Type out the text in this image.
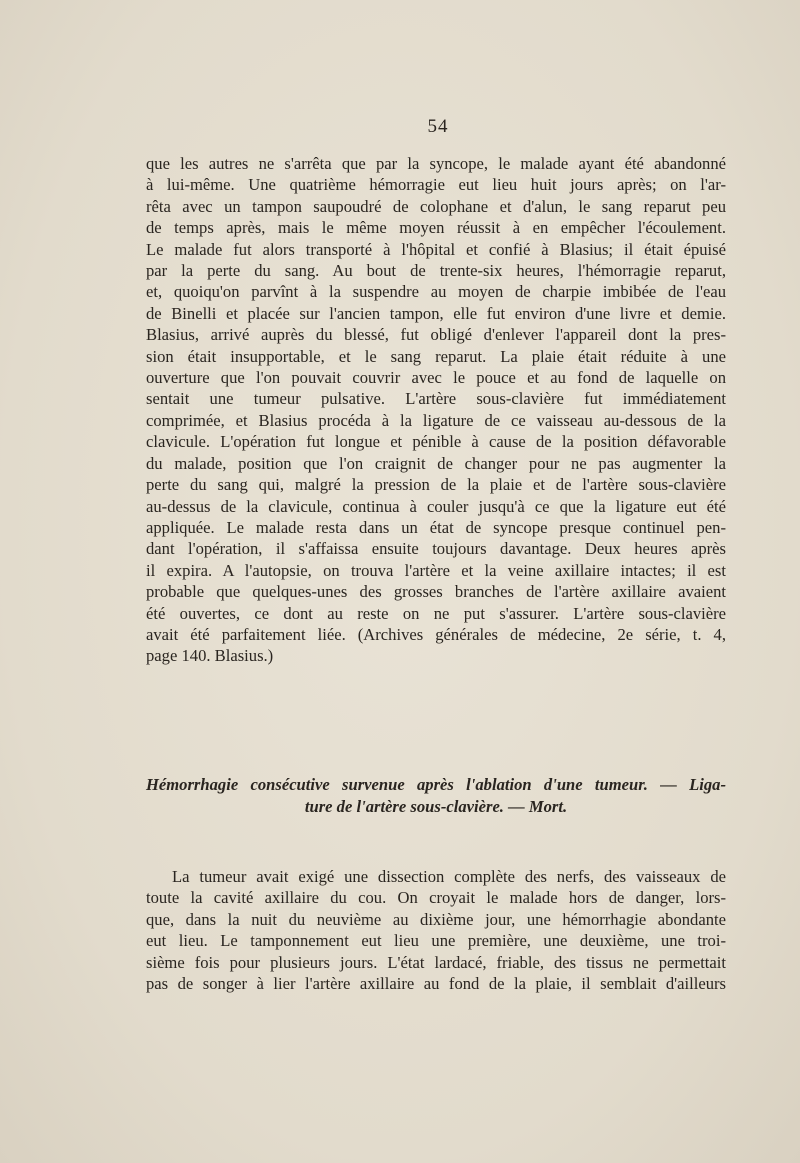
54
que les autres ne s'arrêta que par la syncope, le malade ayant été abandonné
à lui-même. Une quatrième hémorragie eut lieu huit jours après; on l'ar-
rêta avec un tampon saupoudré de colophane et d'alun, le sang reparut peu
de temps après, mais le même moyen réussit à en empêcher l'écoulement.
Le malade fut alors transporté à l'hôpital et confié à Blasius; il était épuisé
par la perte du sang. Au bout de trente-six heures, l'hémorragie reparut,
et, quoiqu'on parvînt à la suspendre au moyen de charpie imbibée de l'eau
de Binelli et placée sur l'ancien tampon, elle fut environ d'une livre et demie.
Blasius, arrivé auprès du blessé, fut obligé d'enlever l'appareil dont la pres-
sion était insupportable, et le sang reparut. La plaie était réduite à une
ouverture que l'on pouvait couvrir avec le pouce et au fond de laquelle on
sentait une tumeur pulsative. L'artère sous-clavière fut immédiatement
comprimée, et Blasius procéda à la ligature de ce vaisseau au-dessous de la
clavicule. L'opération fut longue et pénible à cause de la position défavorable
du malade, position que l'on craignit de changer pour ne pas augmenter la
perte du sang qui, malgré la pression de la plaie et de l'artère sous-clavière
au-dessus de la clavicule, continua à couler jusqu'à ce que la ligature eut été
appliquée. Le malade resta dans un état de syncope presque continuel pen-
dant l'opération, il s'affaissa ensuite toujours davantage. Deux heures après
il expira. A l'autopsie, on trouva l'artère et la veine axillaire intactes; il est
probable que quelques-unes des grosses branches de l'artère axillaire avaient
été ouvertes, ce dont au reste on ne put s'assurer. L'artère sous-clavière
avait été parfaitement liée. (Archives générales de médecine, 2e série, t. 4,
page 140. Blasius.)
Hémorrhagie consécutive survenue après l'ablation d'une tumeur. — Liga-
ture de l'artère sous-clavière. — Mort.
La tumeur avait exigé une dissection complète des nerfs, des vaisseaux de
toute la cavité axillaire du cou. On croyait le malade hors de danger, lors-
que, dans la nuit du neuvième au dixième jour, une hémorrhagie abondante
eut lieu. Le tamponnement eut lieu une première, une deuxième, une troi-
sième fois pour plusieurs jours. L'état lardacé, friable, des tissus ne permettait
pas de songer à lier l'artère axillaire au fond de la plaie, il semblait d'ailleurs
